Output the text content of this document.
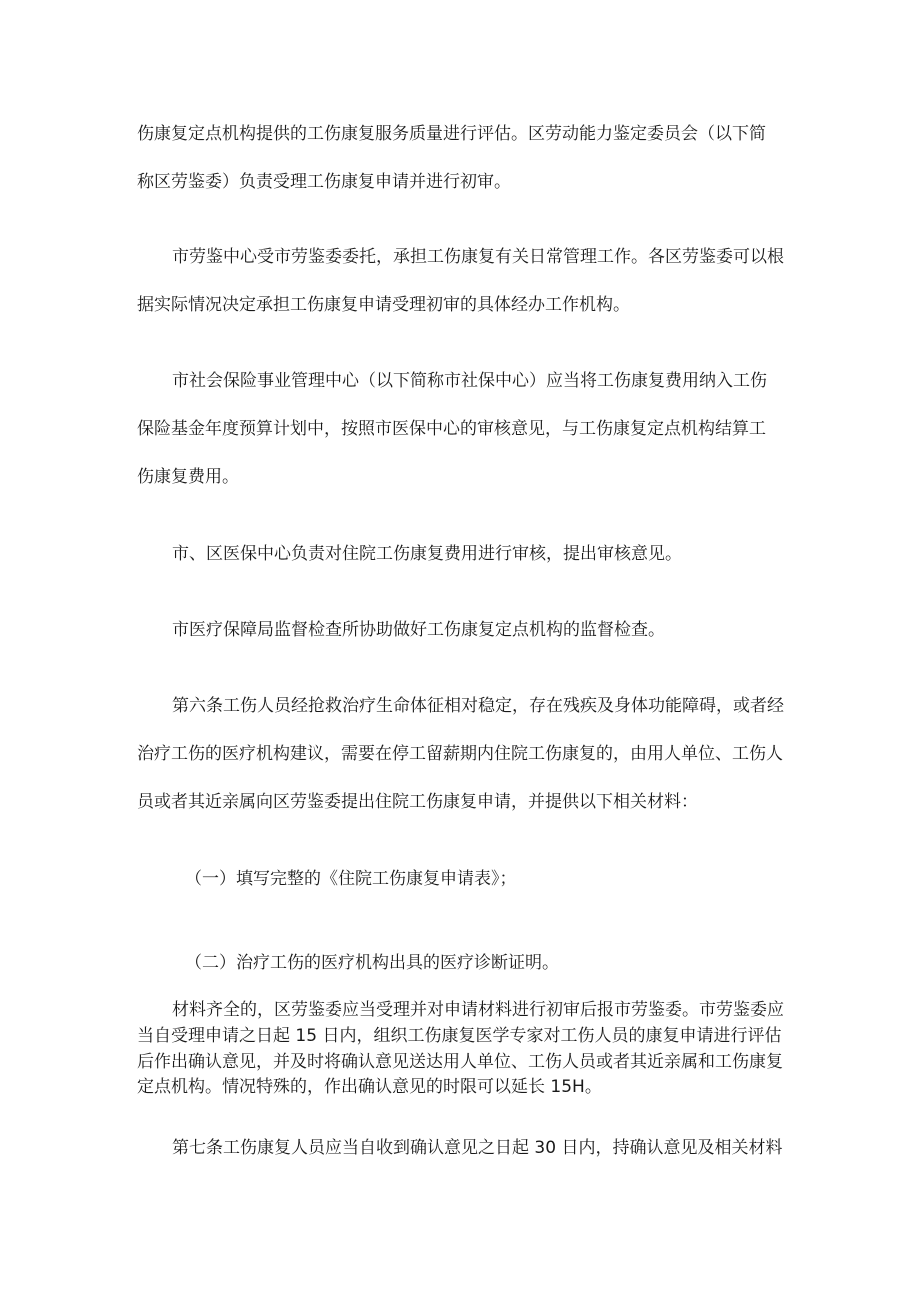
伤康复定点机构提供的工伤康复服务质量进行评估。区劳动能力鉴定委员会（以下简
称区劳鉴委）负责受理工伤康复申请并进行初审。
市劳鉴中心受市劳鉴委委托，承担工伤康复有关日常管理工作。各区劳鉴委可以根
据实际情况决定承担工伤康复申请受理初审的具体经办工作机构。
市社会保险事业管理中心（以下简称市社保中心）应当将工伤康复费用纳入工伤
保险基金年度预算计划中，按照市医保中心的审核意见，与工伤康复定点机构结算工
伤康复费用。
市、区医保中心负责对住院工伤康复费用进行审核，提出审核意见。
市医疗保障局监督检查所协助做好工伤康复定点机构的监督检查。
第六条工伤人员经抢救治疗生命体征相对稳定，存在残疾及身体功能障碍，或者经
治疗工伤的医疗机构建议，需要在停工留薪期内住院工伤康复的，由用人单位、工伤人
员或者其近亲属向区劳鉴委提出住院工伤康复申请，并提供以下相关材料：
（一）填写完整的《住院工伤康复申请表》；
（二）治疗工伤的医疗机构出具的医疗诊断证明。
材料齐全的，区劳鉴委应当受理并对申请材料进行初审后报市劳鉴委。市劳鉴委应
当自受理申请之日起 15 日内，组织工伤康复医学专家对工伤人员的康复申请进行评估
后作出确认意见，并及时将确认意见送达用人单位、工伤人员或者其近亲属和工伤康复
定点机构。情况特殊的，作出确认意见的时限可以延长 15H。
第七条工伤康复人员应当自收到确认意见之日起 30 日内，持确认意见及相关材料
